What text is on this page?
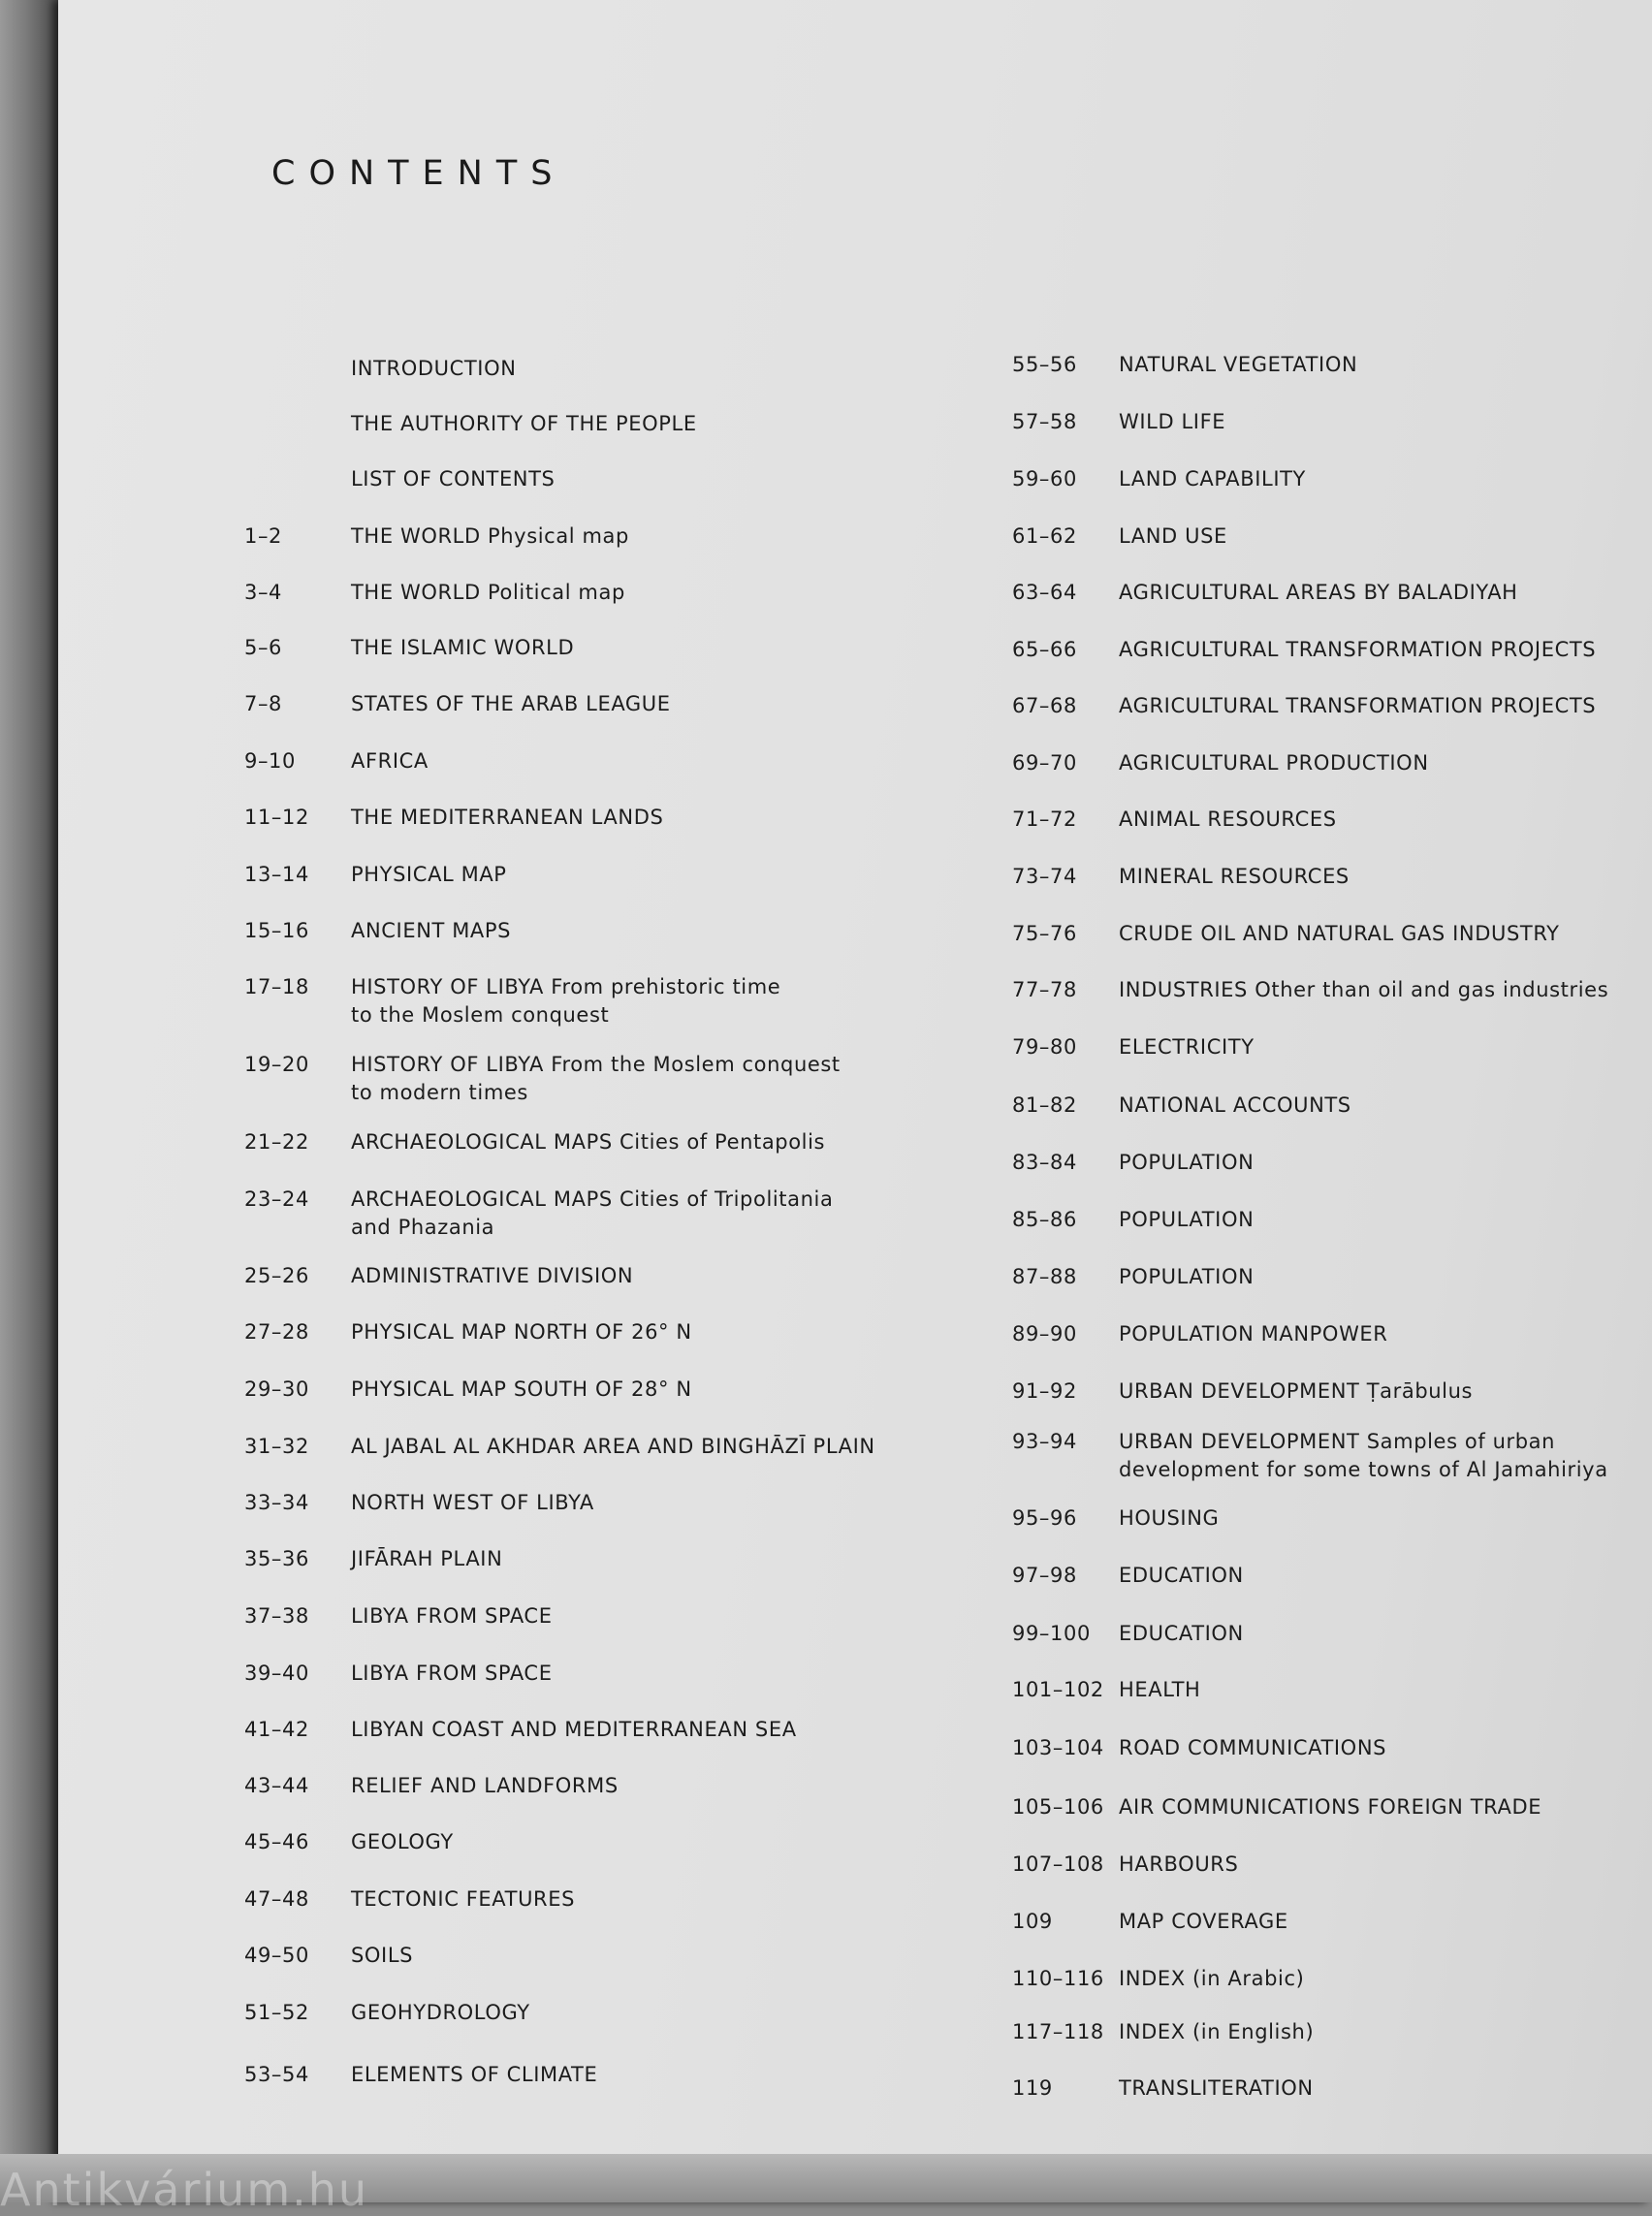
Antikvárium.hu
CONTENTS
INTRODUCTION
THE AUTHORITY OF THE PEOPLE
LIST OF CONTENTS
1–2	THE WORLD Physical map
3–4	THE WORLD Political map
5–6	THE ISLAMIC WORLD
7–8	STATES OF THE ARAB LEAGUE
9–10	AFRICA
11–12	THE MEDITERRANEAN LANDS
13–14	PHYSICAL MAP
15–16	ANCIENT MAPS
17–18	HISTORY OF LIBYA From prehistoric time
to the Moslem conquest
19–20	HISTORY OF LIBYA From the Moslem conquest
to modern times
21–22	ARCHAEOLOGICAL MAPS Cities of Pentapolis
23–24	ARCHAEOLOGICAL MAPS Cities of Tripolitania
and Phazania
25–26	ADMINISTRATIVE DIVISION
27–28	PHYSICAL MAP NORTH OF 26° N
29–30	PHYSICAL MAP SOUTH OF 28° N
31–32	AL JABAL AL AKHDAR AREA AND BINGHĀZĪ PLAIN
33–34	NORTH WEST OF LIBYA
35–36	JIFĀRAH PLAIN
37–38	LIBYA FROM SPACE
39–40	LIBYA FROM SPACE
41–42	LIBYAN COAST AND MEDITERRANEAN SEA
43–44	RELIEF AND LANDFORMS
45–46	GEOLOGY
47–48	TECTONIC FEATURES
49–50	SOILS
51–52	GEOHYDROLOGY
53–54	ELEMENTS OF CLIMATE
55–56	NATURAL VEGETATION
57–58	WILD LIFE
59–60	LAND CAPABILITY
61–62	LAND USE
63–64	AGRICULTURAL AREAS BY BALADIYAH
65–66	AGRICULTURAL TRANSFORMATION PROJECTS
67–68	AGRICULTURAL TRANSFORMATION PROJECTS
69–70	AGRICULTURAL PRODUCTION
71–72	ANIMAL RESOURCES
73–74	MINERAL RESOURCES
75–76	CRUDE OIL AND NATURAL GAS INDUSTRY
77–78	INDUSTRIES Other than oil and gas industries
79–80	ELECTRICITY
81–82	NATIONAL ACCOUNTS
83–84	POPULATION
85–86	POPULATION
87–88	POPULATION
89–90	POPULATION MANPOWER
91–92	URBAN DEVELOPMENT Ṭarābulus
93–94	URBAN DEVELOPMENT Samples of urban
development for some towns of Al Jamahiriya
95–96	HOUSING
97–98	EDUCATION
99–100	EDUCATION
101–102 HEALTH
103–104 ROAD COMMUNICATIONS
105–106 AIR COMMUNICATIONS FOREIGN TRADE
107–108 HARBOURS
109	MAP COVERAGE
110–116 INDEX (in Arabic)
117–118 INDEX (in English)
119	TRANSLITERATION
